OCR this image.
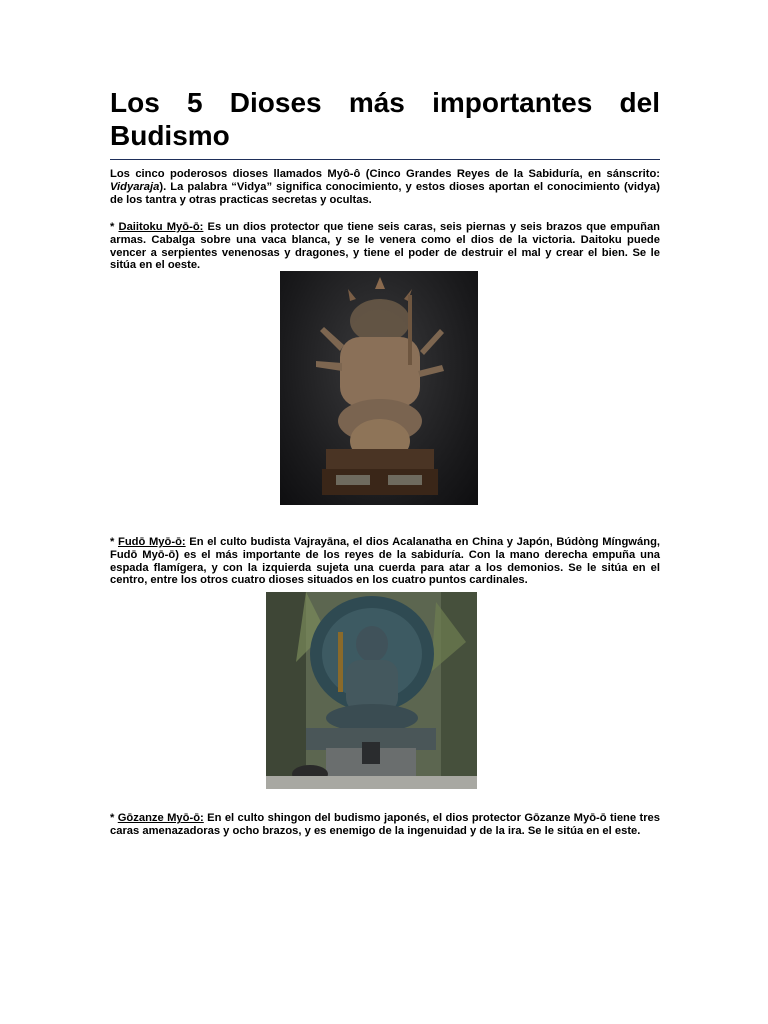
Los 5 Dioses más importantes del Budismo
Los cinco poderosos dioses llamados Myô-ô (Cinco Grandes Reyes de la Sabiduría, en sánscrito: Vidyaraja). La palabra “Vidya” significa conocimiento, y estos dioses aportan el conocimiento (vidya) de los tantra y otras practicas secretas y ocultas.
* Daiitoku Myō-ō: Es un dios protector que tiene seis caras, seis piernas y seis brazos que empuñan armas. Cabalga sobre una vaca blanca, y se le venera como el dios de la victoria. Daitoku puede vencer a serpientes venenosas y dragones, y tiene el poder de destruir el mal y crear el bien. Se le sitúa en el oeste.
* Fudō Myō-ō: En el culto budista Vajrayāna, el dios Acalanatha en China y Japón, Búdòng Míngwáng, Fudō Myō-ō) es el más importante de los reyes de la sabiduría. Con la mano derecha empuña una espada flamígera, y con la izquierda sujeta una cuerda para atar a los demonios. Se le sitúa en el centro, entre los otros cuatro dioses situados en los cuatro puntos cardinales.
* Gōzanze Myō-ō: En el culto shingon del budismo japonés, el dios protector Gōzanze Myō-ō tiene tres caras amenazadoras y ocho brazos, y es enemigo de la ingenuidad y de la ira. Se le sitúa en el este.
